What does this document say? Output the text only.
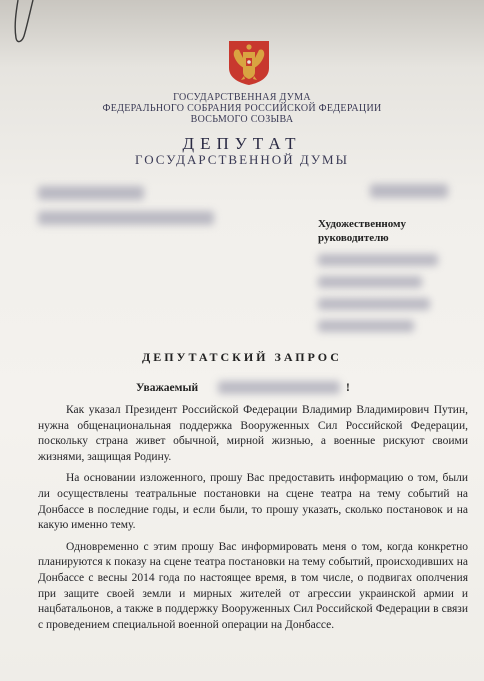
ГОСУДАРСТВЕННАЯ ДУМА
ФЕДЕРАЛЬНОГО СОБРАНИЯ РОССИЙСКОЙ ФЕДЕРАЦИИ
ВОСЬМОГО СОЗЫВА
ДЕПУТАТ
ГОСУДАРСТВЕННОЙ ДУМЫ
Художественному
руководителю
ДЕПУТАТСКИЙ ЗАПРОС
Уважаемый	!

Как указал Президент Российской Федерации Владимир Владимирович Путин, нужна общенациональная поддержка Вооруженных Сил Российской Федерации, поскольку страна живет обычной, мирной жизнью, а военные рискуют своими жизнями, защищая Родину.

На основании изложенного, прошу Вас предоставить информацию о том, были ли осуществлены театральные постановки на сцене театра на тему событий на Донбассе в последние годы, и если были, то прошу указать, сколько постановок и на какую именно тему.

Одновременно с этим прошу Вас информировать меня о том, когда конкретно планируются к показу на сцене театра постановки на тему событий, происходивших на Донбассе с весны 2014 года по настоящее время, в том числе, о подвигах ополчения при защите своей земли и мирных жителей от агрессии украинской армии и нацбатальонов, а также в поддержку Вооруженных Сил Российской Федерации в связи с проведением специальной военной операции на Донбассе.
